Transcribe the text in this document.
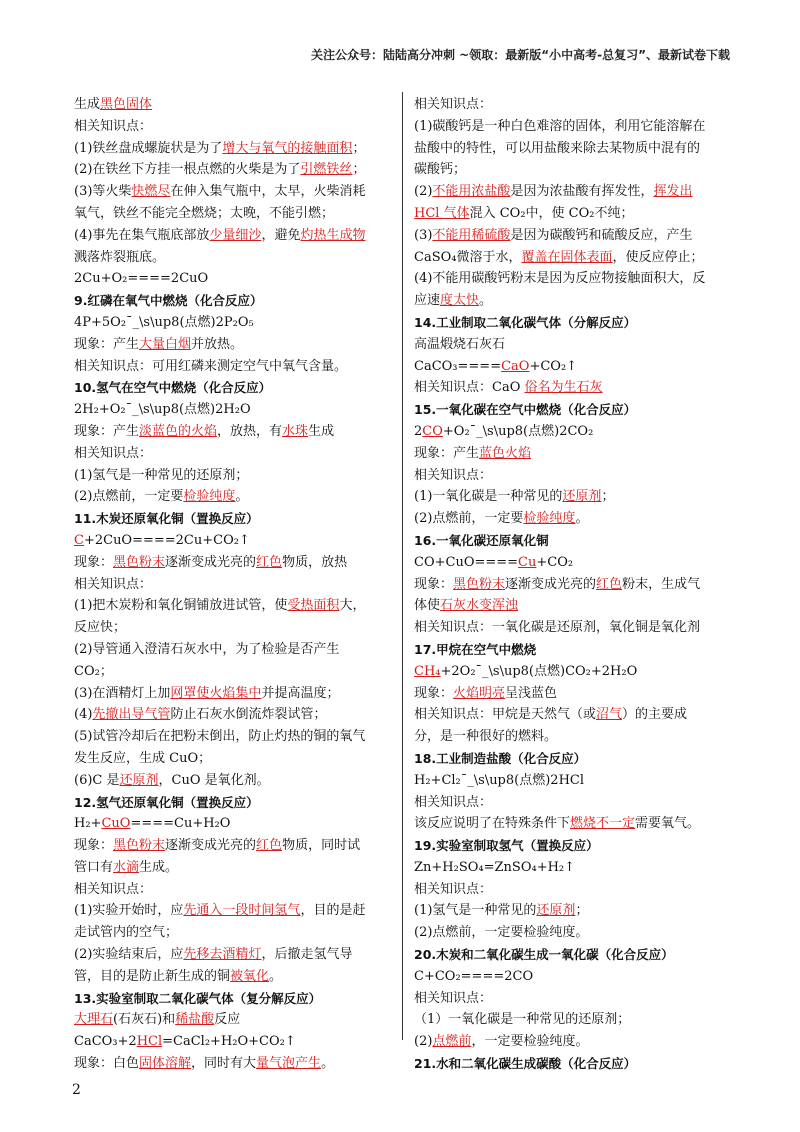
关注公众号：陆陆高分冲刺 ~领取：最新版“小中高考-总复习”、最新试卷下载
生成黑色固体
相关知识点：
(1)铁丝盘成螺旋状是为了增大与氧气的接触面积；
(2)在铁丝下方挂一根点燃的火柴是为了引燃铁丝；
(3)等火柴快燃尽在伸入集气瓶中，太早，火柴消耗
氧气，铁丝不能完全燃烧；太晚，不能引燃；
(4)事先在集气瓶底部放少量细沙，避免灼热生成物
溅落炸裂瓶底。
2Cu+O₂====2CuO
9.红磷在氧气中燃烧（化合反应）
4P+5O₂¯_\s\up8(点燃)2P₂O₅
现象：产生大量白烟并放热。
相关知识点：可用红磷来测定空气中氧气含量。
10.氢气在空气中燃烧（化合反应）
2H₂+O₂¯_\s\up8(点燃)2H₂O
现象：产生淡蓝色的火焰，放热，有水珠生成
相关知识点：
(1)氢气是一种常见的还原剂；
(2)点燃前，一定要检验纯度。
11.木炭还原氧化铜（置换反应）
C+2CuO====2Cu+CO₂↑
现象：黑色粉末逐渐变成光亮的红色物质，放热
相关知识点：
(1)把木炭粉和氧化铜铺放进试管，使受热面积大，
反应快；
(2)导管通入澄清石灰水中，为了检验是否产生
CO₂；
(3)在酒精灯上加网罩使火焰集中并提高温度；
(4)先撤出导气管防止石灰水倒流炸裂试管；
(5)试管冷却后在把粉末倒出，防止灼热的铜的氧气
发生反应，生成 CuO；
(6)C 是还原剂，CuO 是氧化剂。
12.氢气还原氧化铜（置换反应）
H₂+CuO====Cu+H₂O
现象：黑色粉末逐渐变成光亮的红色物质，同时试
管口有水滴生成。
相关知识点：
(1)实验开始时，应先通入一段时间氢气，目的是赶
走试管内的空气；
(2)实验结束后，应先移去酒精灯，后撤走氢气导
管，目的是防止新生成的铜被氧化。
13.实验室制取二氧化碳气体（复分解反应）
大理石(石灰石)和稀盐酸反应
CaCO₃+2HCl=CaCl₂+H₂O+CO₂↑
现象：白色固体溶解，同时有大量气泡产生。
相关知识点：
(1)碳酸钙是一种白色难溶的固体，利用它能溶解在
盐酸中的特性，可以用盐酸来除去某物质中混有的
碳酸钙；
(2)不能用浓盐酸是因为浓盐酸有挥发性，挥发出
HCl 气体混入 CO₂中，使 CO₂不纯；
(3)不能用稀硫酸是因为碳酸钙和硫酸反应，产生
CaSO₄微溶于水，覆盖在固体表面，使反应停止；
(4)不能用碳酸钙粉末是因为反应物接触面积大，反
应速度太快。
14.工业制取二氧化碳气体（分解反应）
高温煅烧石灰石
CaCO₃====CaO+CO₂↑
相关知识点：CaO 俗名为生石灰
15.一氧化碳在空气中燃烧（化合反应）
2CO+O₂¯_\s\up8(点燃)2CO₂
现象：产生蓝色火焰
相关知识点：
(1)一氧化碳是一种常见的还原剂；
(2)点燃前，一定要检验纯度。
16.一氧化碳还原氧化铜
CO+CuO====Cu+CO₂
现象：黑色粉末逐渐变成光亮的红色粉末，生成气
体使石灰水变浑浊
相关知识点：一氧化碳是还原剂，氧化铜是氧化剂
17.甲烷在空气中燃烧
CH₄+2O₂¯_\s\up8(点燃)CO₂+2H₂O
现象：火焰明亮呈浅蓝色
相关知识点：甲烷是天然气（或沼气）的主要成
分，是一种很好的燃料。
18.工业制造盐酸（化合反应）
H₂+Cl₂¯_\s\up8(点燃)2HCl
相关知识点：
该反应说明了在特殊条件下燃烧不一定需要氧气。
19.实验室制取氢气（置换反应）
Zn+H₂SO₄=ZnSO₄+H₂↑
相关知识点：
(1)氢气是一种常见的还原剂；
(2)点燃前，一定要检验纯度。
20.木炭和二氧化碳生成一氧化碳（化合反应）
C+CO₂====2CO
相关知识点：
（1）一氧化碳是一种常见的还原剂；
(2)点燃前，一定要检验纯度。
21.水和二氧化碳生成碳酸（化合反应）
2
